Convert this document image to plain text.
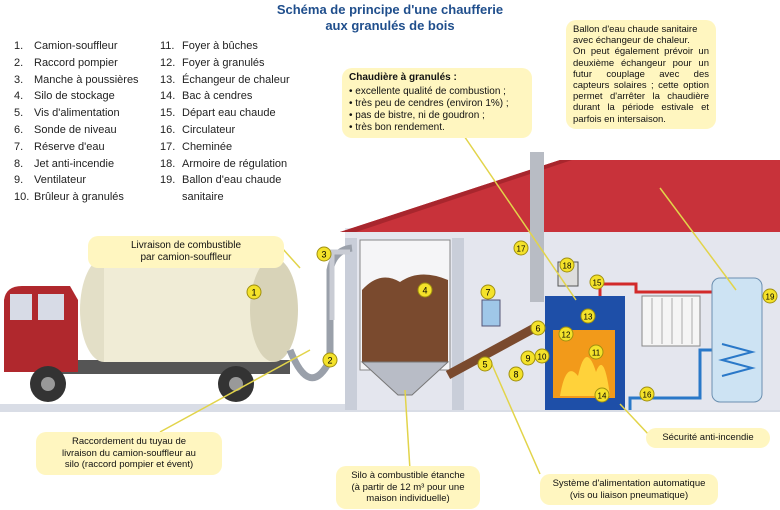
Schéma de principe d'une chaufferie
aux granulés de bois
1. Camion-souffleur
2. Raccord pompier
3. Manche à poussières
4. Silo de stockage
5. Vis d'alimentation
6. Sonde de niveau
7. Réserve d'eau
8. Jet anti-incendie
9. Ventilateur
10. Brûleur à granulés
11. Foyer à bûches
12. Foyer à granulés
13. Échangeur de chaleur
14. Bac à cendres
15. Départ eau chaude
16. Circulateur
17. Cheminée
18. Armoire de régulation
19. Ballon d'eau chaude
sanitaire
1
2
3
4
5
6
7
8
9 10	11
12
13
14
15
16
17
18
19
Chaudière à granulés :
• excellente qualité de combustion ;
• très peu de cendres (environ 1%) ;
• pas de bistre, ni de goudron ;
• très bon rendement.
Ballon d'eau chaude sanitaire
avec échangeur de chaleur.
On peut également prévoir un deuxième échangeur pour un futur couplage avec des capteurs solaires ; cette option permet d'arrêter la chaudière durant la période estivale et parfois en intersaison.
Livraison de combustible
par camion-souffleur
Raccordement du tuyau de
livraison du camion-souffleur au
silo (raccord pompier et évent)
Silo à combustible étanche
(à partir de 12 m³ pour une
maison individuelle)
Système d'alimentation automatique
(vis ou liaison pneumatique)
Sécurité anti-incendie
